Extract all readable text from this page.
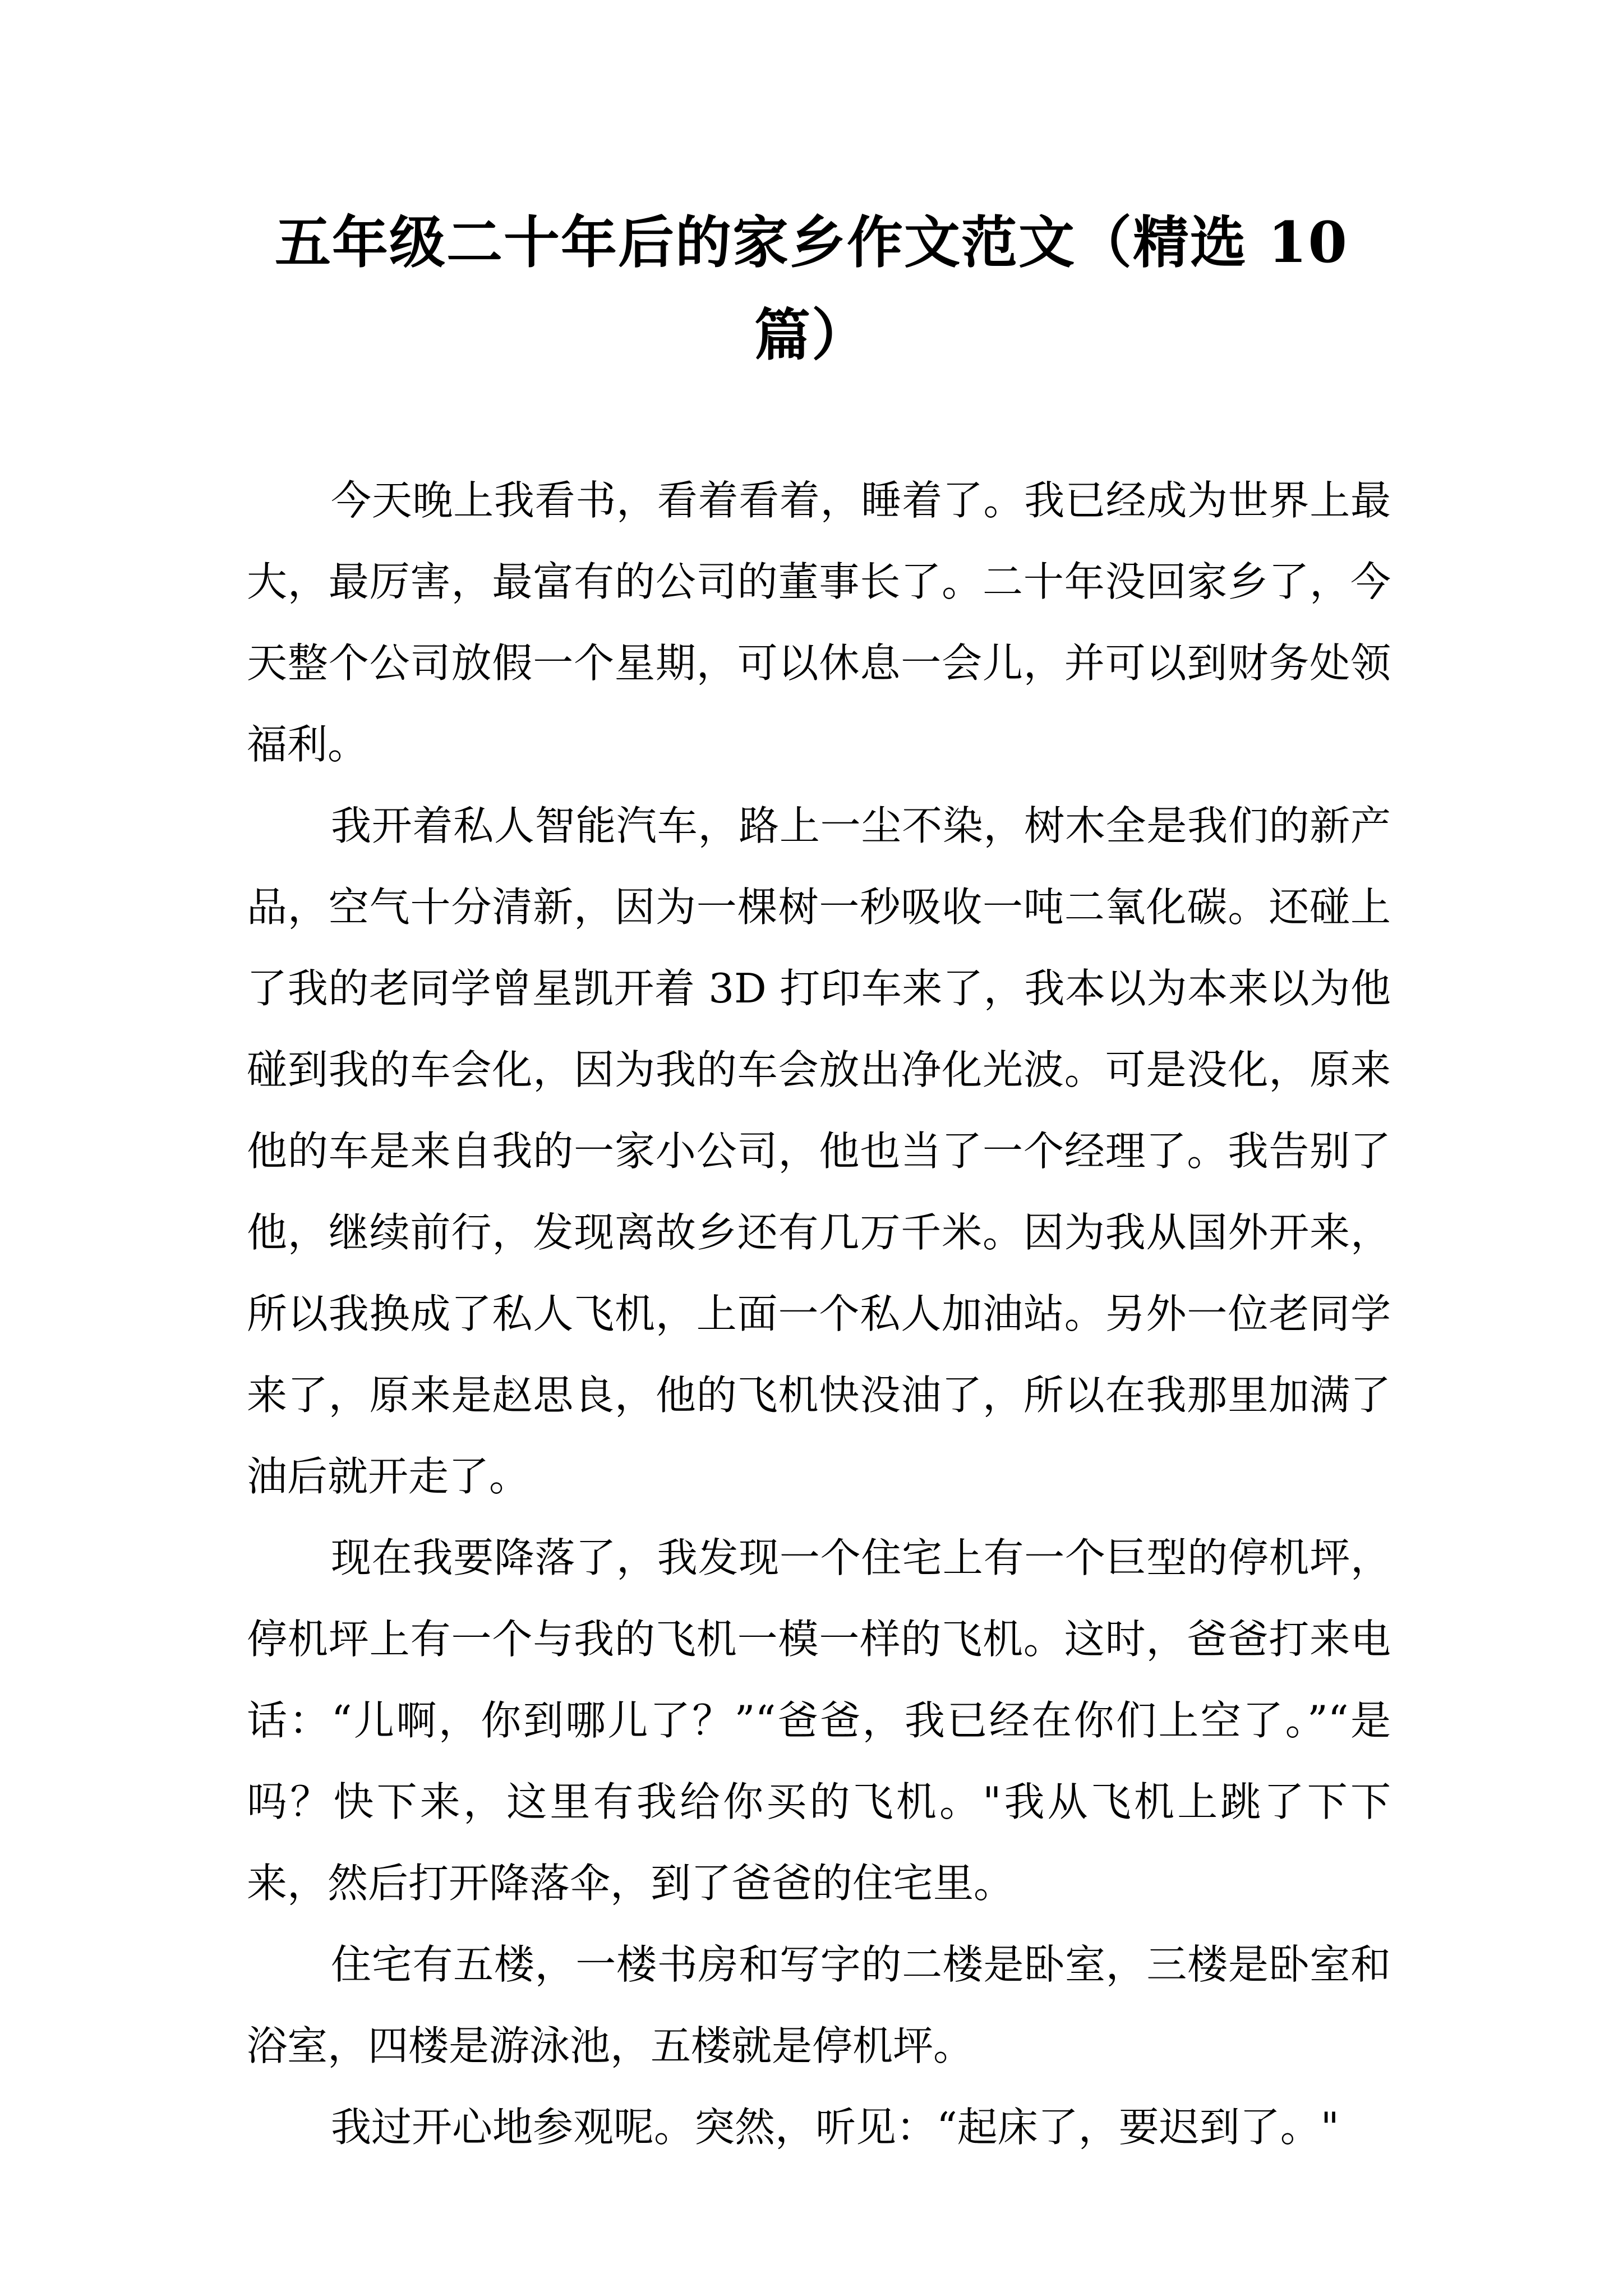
五年级二十年后的家乡作文范文（精选 10
篇）

今天晚上我看书，看着看着，睡着了。我已经成为世界上最大，最厉害，最富有的公司的董事长了。二十年没回家乡了，今天整个公司放假一个星期，可以休息一会儿，并可以到财务处领福利。

我开着私人智能汽车，路上一尘不染，树木全是我们的新产品，空气十分清新，因为一棵树一秒吸收一吨二氧化碳。还碰上了我的老同学曾星凯开着 3D 打印车来了，我本以为本来以为他碰到我的车会化，因为我的车会放出净化光波。可是没化，原来他的车是来自我的一家小公司，他也当了一个经理了。我告别了他，继续前行，发现离故乡还有几万千米。因为我从国外开来，所以我换成了私人飞机，上面一个私人加油站。另外一位老同学来了，原来是赵思良，他的飞机快没油了，所以在我那里加满了油后就开走了。

现在我要降落了，我发现一个住宅上有一个巨型的停机坪，停机坪上有一个与我的飞机一模一样的飞机。这时，爸爸打来电话：“儿啊，你到哪儿了？”“爸爸，我已经在你们上空了。”“是吗？快下来，这里有我给你买的飞机。"我从飞机上跳了下下来，然后打开降落伞，到了爸爸的住宅里。

住宅有五楼，一楼书房和写字的二楼是卧室，三楼是卧室和浴室，四楼是游泳池，五楼就是停机坪。

我过开心地参观呢。突然，听见：“起床了，要迟到了。"
